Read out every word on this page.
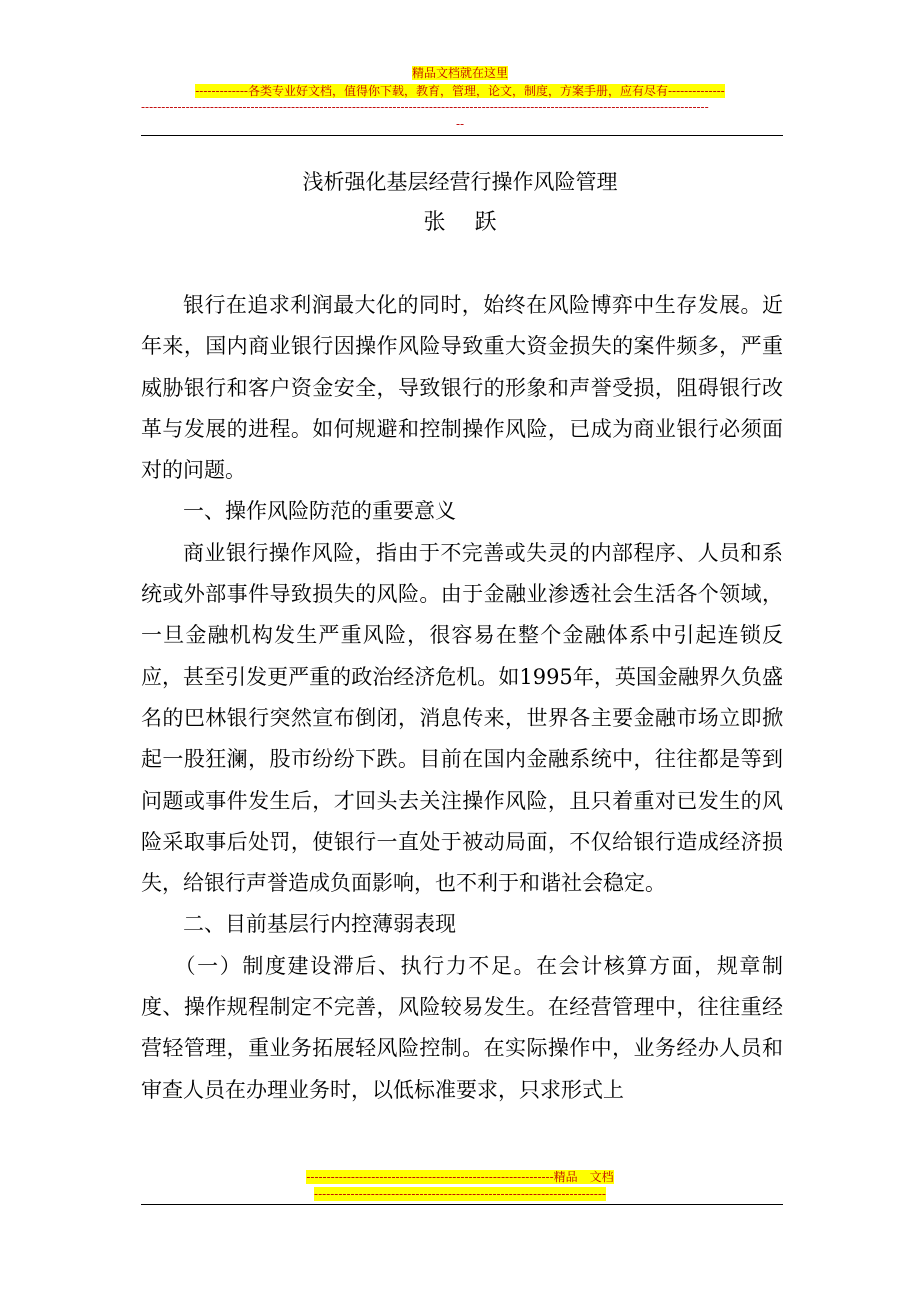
精品文档就在这里
-------------各类专业好文档，值得你下载，教育，管理，论文，制度，方案手册，应有尽有--------------
--------------------------------------------------------------------------------------------------------------------------------------------
--
浅析强化基层经营行操作风险管理
张　 跃

银行在追求利润最大化的同时，始终在风险博弈中生存发展。近年来，国内商业银行因操作风险导致重大资金损失的案件频多，严重威胁银行和客户资金安全，导致银行的形象和声誉受损，阻碍银行改革与发展的进程。如何规避和控制操作风险，已成为商业银行必须面对的问题。

一、操作风险防范的重要意义

商业银行操作风险，指由于不完善或失灵的内部程序、人员和系统或外部事件导致损失的风险。由于金融业渗透社会生活各个领域，一旦金融机构发生严重风险，很容易在整个金融体系中引起连锁反应，甚至引发更严重的政治经济危机。如1995年，英国金融界久负盛名的巴林银行突然宣布倒闭，消息传来，世界各主要金融市场立即掀起一股狂澜，股市纷纷下跌。目前在国内金融系统中，往往都是等到问题或事件发生后，才回头去关注操作风险，且只着重对已发生的风险采取事后处罚，使银行一直处于被动局面，不仅给银行造成经济损失，给银行声誉造成负面影响，也不利于和谐社会稳定。

二、目前基层行内控薄弱表现

（一）制度建设滞后、执行力不足。在会计核算方面，规章制度、操作规程制定不完善，风险较易发生。在经营管理中，往往重经营轻管理，重业务拓展轻风险控制。在实际操作中，业务经办人员和审查人员在办理业务时，以低标准要求，只求形式上

-------------------------------------------------------------精品　文档
------------------------------------------------------------------------
